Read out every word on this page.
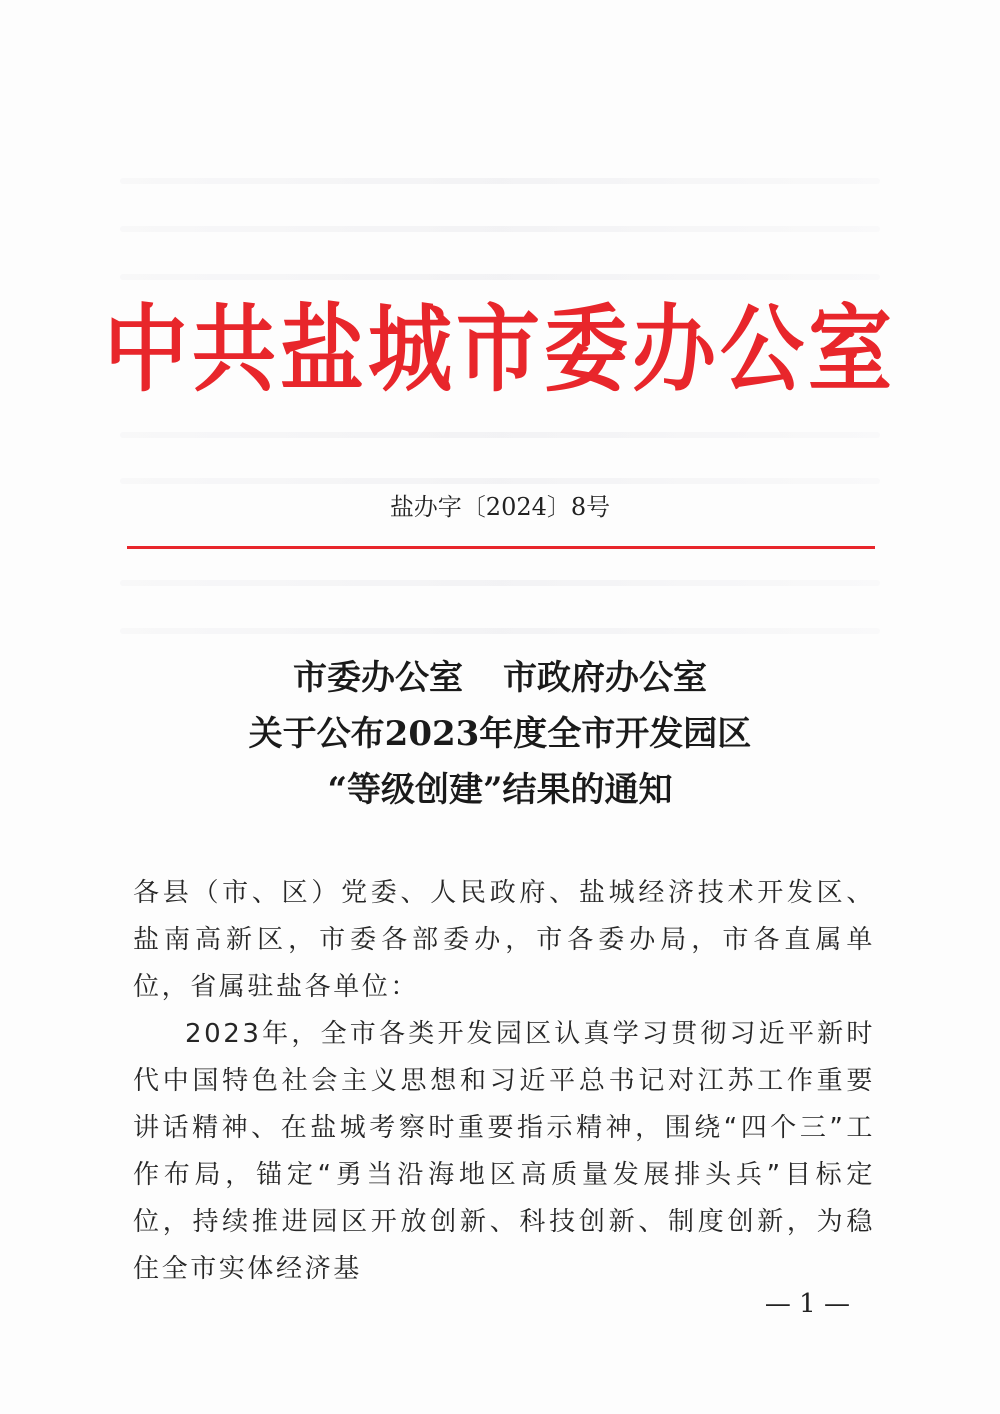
中共盐城市委办公室
盐办字〔2024〕8号
市委办公室 市政府办公室
关于公布2023年度全市开发园区
“等级创建”结果的通知

各县（市、区）党委、人民政府、盐城经济技术开发区、盐南高新区，市委各部委办，市各委办局，市各直属单位，省属驻盐各单位：

2023年，全市各类开发园区认真学习贯彻习近平新时代中国特色社会主义思想和习近平总书记对江苏工作重要讲话精神、在盐城考察时重要指示精神，围绕“四个三”工作布局，锚定“勇当沿海地区高质量发展排头兵”目标定位，持续推进园区开放创新、科技创新、制度创新，为稳住全市实体经济基

— 1 —
